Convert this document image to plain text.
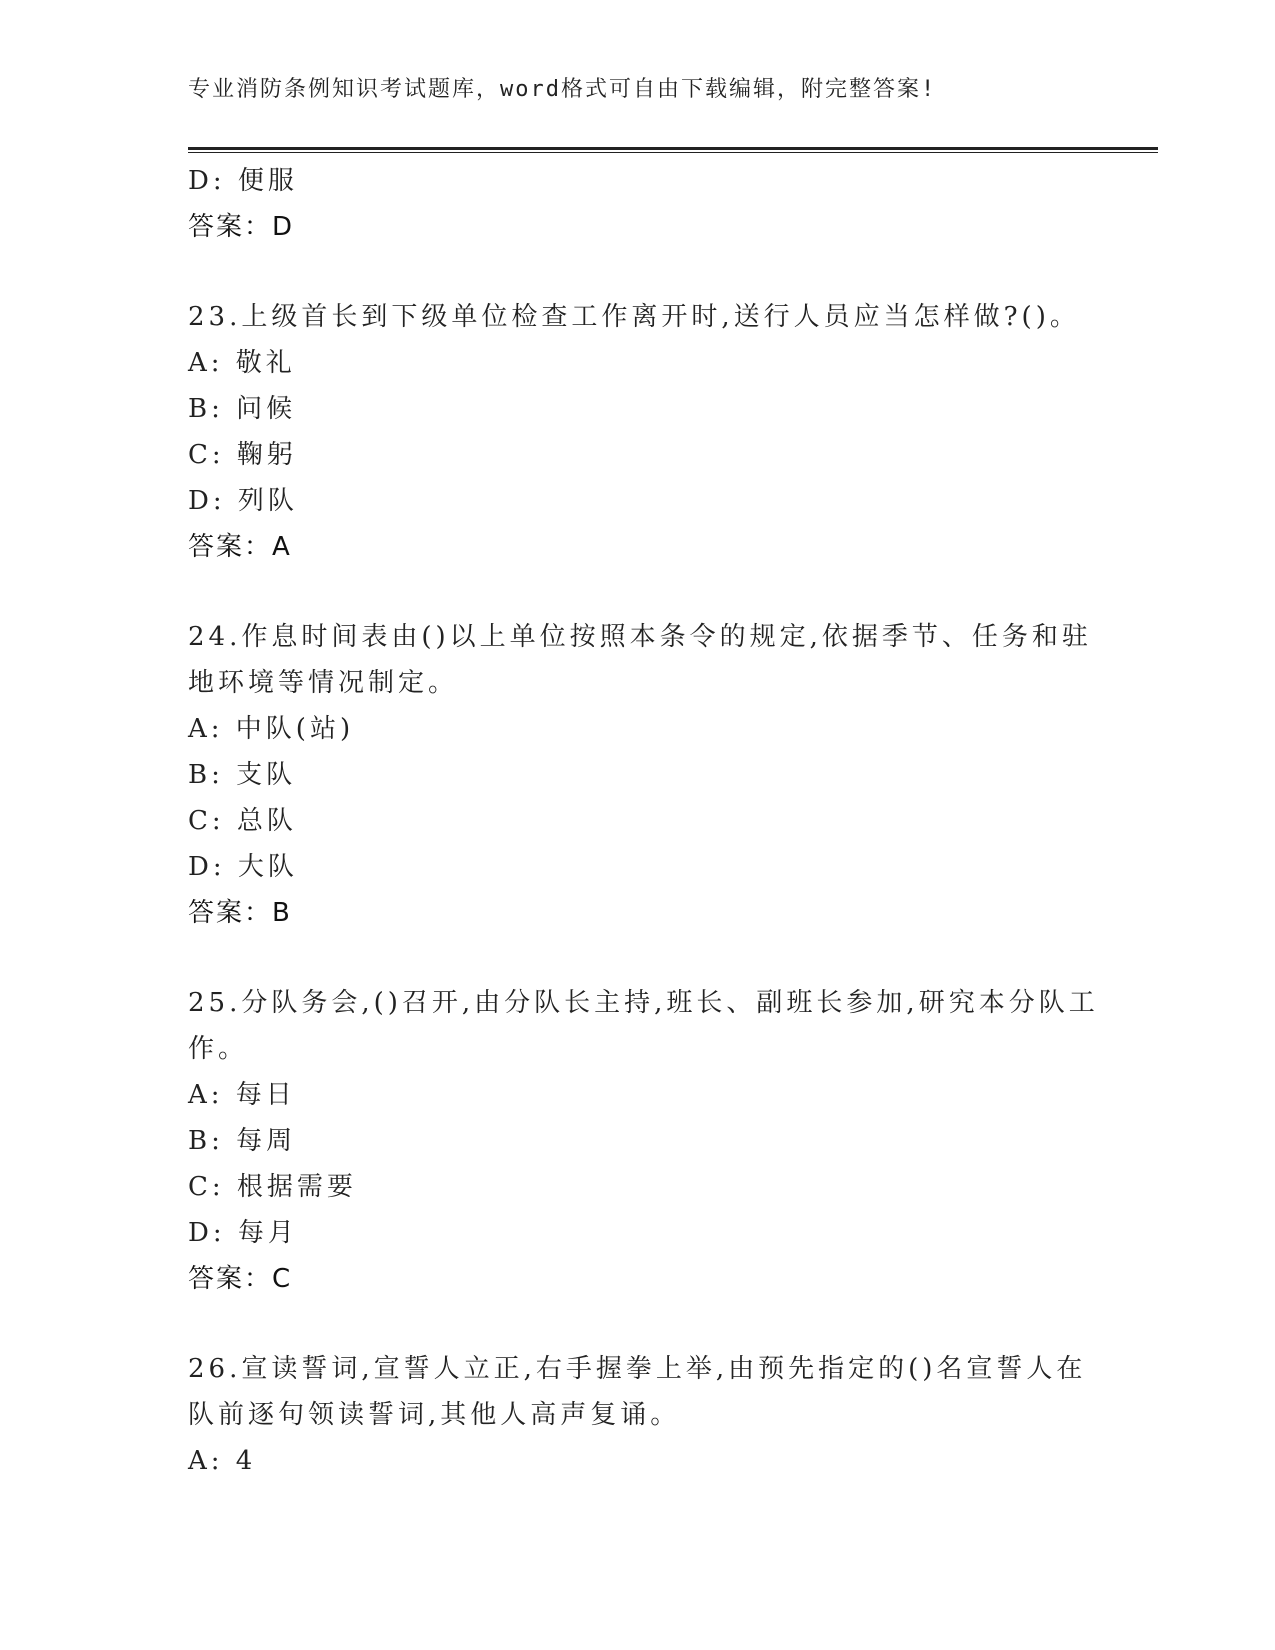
专业消防条例知识考试题库，word格式可自由下载编辑，附完整答案!
D: 便服
答案：D
23.上级首长到下级单位检查工作离开时,送行人员应当怎样做?()。
A: 敬礼
B: 问候
C: 鞠躬
D: 列队
答案：A
24.作息时间表由()以上单位按照本条令的规定,依据季节、任务和驻
地环境等情况制定。
A: 中队(站)
B: 支队
C: 总队
D: 大队
答案：B
25.分队务会,()召开,由分队长主持,班长、副班长参加,研究本分队工
作。
A: 每日
B: 每周
C: 根据需要
D: 每月
答案：C
26.宣读誓词,宣誓人立正,右手握拳上举,由预先指定的()名宣誓人在
队前逐句领读誓词,其他人高声复诵。
A: 4
